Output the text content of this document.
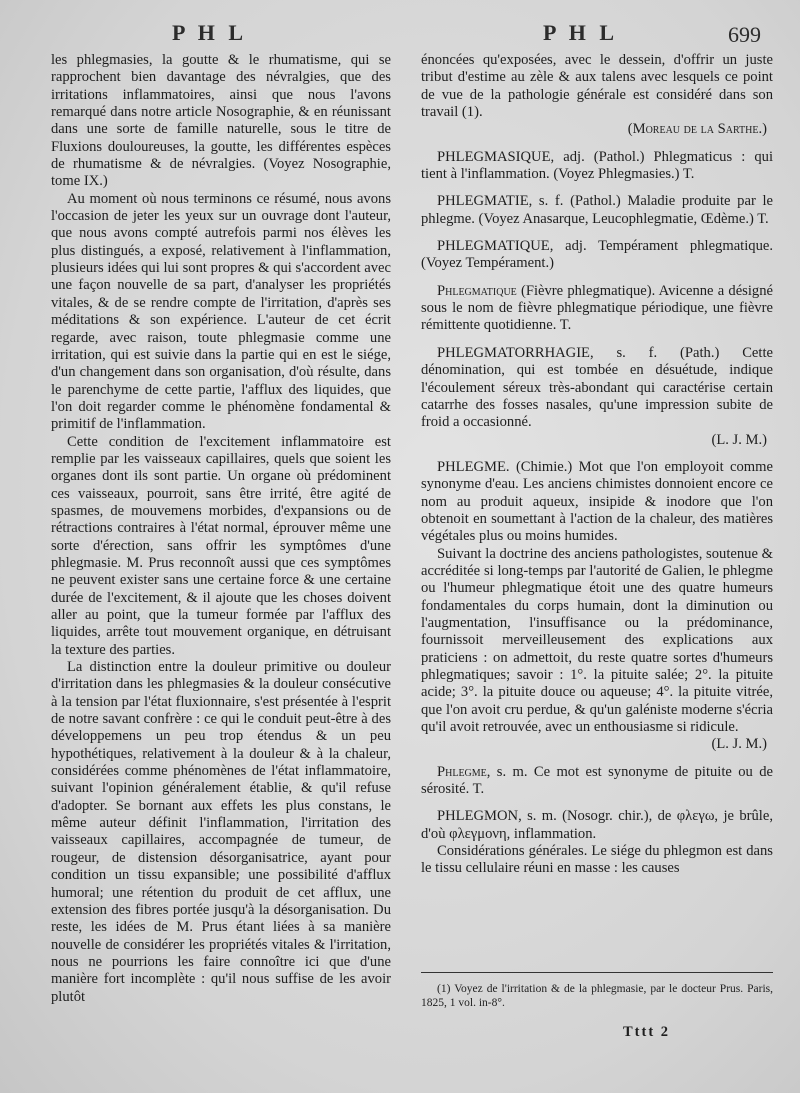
P H L	P H L	699

les phlegmasies, la goutte & le rhumatisme, qui se rapprochent bien davantage des névralgies, que des irritations inflammatoires, ainsi que nous l'avons remarqué dans notre article Nosographie, & en réunissant dans une sorte de famille naturelle, sous le titre de Fluxions douloureuses, la goutte, les différentes espèces de rhumatisme & de névralgies. (Voyez Nosographie, tome IX.)

Au moment où nous terminons ce résumé, nous avons l'occasion de jeter les yeux sur un ouvrage dont l'auteur, que nous avons compté autrefois parmi nos élèves les plus distingués, a exposé, relativement à l'inflammation, plusieurs idées qui lui sont propres & qui s'accordent avec une façon nouvelle de sa part, d'analyser les propriétés vitales, & de se rendre compte de l'irritation, d'après ses méditations & son expérience. L'auteur de cet écrit regarde, avec raison, toute phlegmasie comme une irritation, qui est suivie dans la partie qui en est le siége, d'un changement dans son organisation, d'où résulte, dans le parenchyme de cette partie, l'afflux des liquides, que l'on doit regarder comme le phénomène fondamental & primitif de l'inflammation.

Cette condition de l'excitement inflammatoire est remplie par les vaisseaux capillaires, quels que soient les organes dont ils sont partie. Un organe où prédominent ces vaisseaux, pourroit, sans être irrité, être agité de spasmes, de mouvemens morbides, d'expansions ou de rétractions contraires à l'état normal, éprouver même une sorte d'érection, sans offrir les symptômes d'une phlegmasie. M. Prus reconnoît aussi que ces symptômes ne peuvent exister sans une certaine force & une certaine durée de l'excitement, & il ajoute que les choses doivent aller au point, que la tumeur formée par l'afflux des liquides, arrête tout mouvement organique, en détruisant la texture des parties.

La distinction entre la douleur primitive ou douleur d'irritation dans les phlegmasies & la douleur consécutive à la tension par l'état fluxionnaire, s'est présentée à l'esprit de notre savant confrère : ce qui le conduit peut-être à des développemens un peu trop étendus & un peu hypothétiques, relativement à la douleur & à la chaleur, considérées comme phénomènes de l'état inflammatoire, suivant l'opinion généralement établie, & qu'il refuse d'adopter. Se bornant aux effets les plus constans, le même auteur définit l'inflammation, l'irritation des vaisseaux capillaires, accompagnée de tumeur, de rougeur, de distension désorganisatrice, ayant pour condition un tissu expansible; une possibilité d'afflux humoral; une rétention du produit de cet afflux, une extension des fibres portée jusqu'à la désorganisation. Du reste, les idées de M. Prus étant liées à sa manière nouvelle de considérer les propriétés vitales & l'irritation, nous ne pourrions les faire connoître ici que d'une manière fort incomplète : qu'il nous suffise de les avoir plutôt

énoncées qu'exposées, avec le dessein, d'offrir un juste tribut d'estime au zèle & aux talens avec lesquels ce point de vue de la pathologie générale est considéré dans son travail (1).

(Moreau de la Sarthe.)

PHLEGMASIQUE, adj. (Pathol.) Phlegmaticus : qui tient à l'inflammation. (Voyez Phlegmasies.) T.

PHLEGMATIE, s. f. (Pathol.) Maladie produite par le phlegme. (Voyez Anasarque, Leucophlegmatie, Œdème.) T.

PHLEGMATIQUE, adj. Tempérament phlegmatique. (Voyez Tempérament.)

Phlegmatique (Fièvre phlegmatique). Avicenne a désigné sous le nom de fièvre phlegmatique périodique, une fièvre rémittente quotidienne. T.

PHLEGMATORRHAGIE, s. f. (Path.) Cette dénomination, qui est tombée en désuétude, indique l'écoulement séreux très-abondant qui caractérise certain catarrhe des fosses nasales, qu'une impression subite de froid a occasionné.

(L. J. M.)

PHLEGME. (Chimie.) Mot que l'on employoit comme synonyme d'eau. Les anciens chimistes donnoient encore ce nom au produit aqueux, insipide & inodore que l'on obtenoit en soumettant à l'action de la chaleur, des matières végétales plus ou moins humides.

Suivant la doctrine des anciens pathologistes, soutenue & accréditée si long-temps par l'autorité de Galien, le phlegme ou l'humeur phlegmatique étoit une des quatre humeurs fondamentales du corps humain, dont la diminution ou l'augmentation, l'insuffisance ou la prédominance, fournissoit merveilleusement des explications aux praticiens : on admettoit, du reste quatre sortes d'humeurs phlegmatiques; savoir : 1°. la pituite salée; 2°. la pituite acide; 3°. la pituite douce ou aqueuse; 4°. la pituite vitrée, que l'on avoit cru perdue, & qu'un galéniste moderne s'écria qu'il avoit retrouvée, avec un enthousiasme si ridicule.

(L. J. M.)

Phlegme, s. m. Ce mot est synonyme de pituite ou de sérosité. T.

PHLEGMON, s. m. (Nosogr. chir.), de φλεγω, je brûle, d'où φλεγμονη, inflammation.

Considérations générales. Le siége du phlegmon est dans le tissu cellulaire réuni en masse : les causes

(1) Voyez de l'irritation & de la phlegmasie, par le docteur Prus. Paris, 1825, 1 vol. in-8°.
Tttt 2
